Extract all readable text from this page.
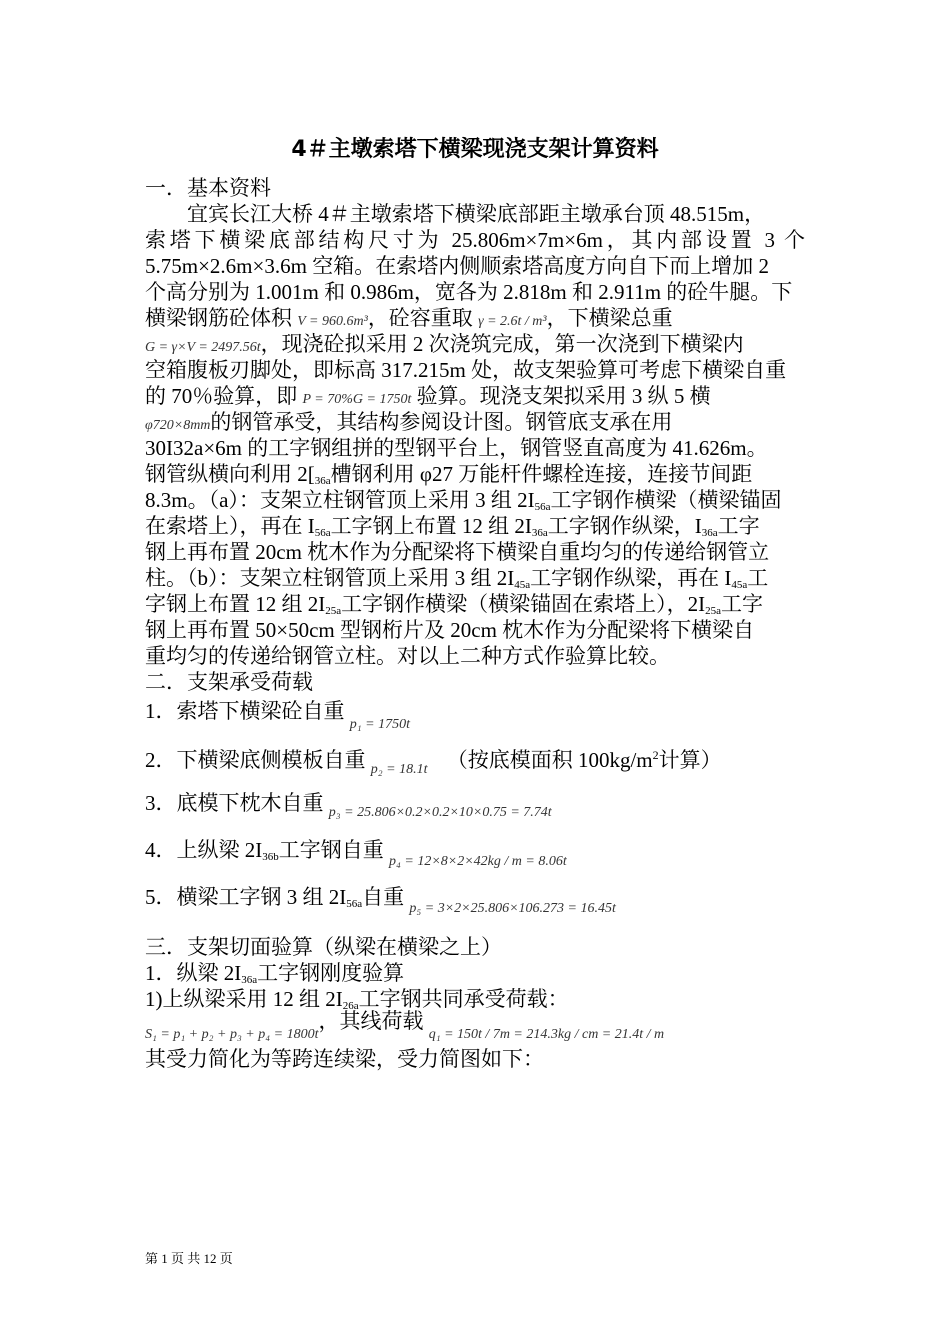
4＃主墩索塔下横梁现浇支架计算资料
一．基本资料
宜宾长江大桥 4＃主墩索塔下横梁底部距主墩承台顶 48.515m，
索塔下横梁底部结构尺寸为 25.806m×7m×6m，其内部设置 3 个
5.75m×2.6m×3.6m 空箱。在索塔内侧顺索塔高度方向自下而上增加 2
个高分别为 1.001m 和 0.986m，宽各为 2.818m 和 2.911m 的砼牛腿。下
横梁钢筋砼体积 V = 960.6m³，砼容重取 γ = 2.6t / m³，下横梁总重
G = γ×V = 2497.56t，现浇砼拟采用 2 次浇筑完成，第一次浇到下横梁内
空箱腹板刃脚处，即标高 317.215m 处，故支架验算可考虑下横梁自重
的 70％验算，即 P = 70%G = 1750t 验算。现浇支架拟采用 3 纵 5 横
φ720×8mm的钢管承受，其结构参阅设计图。钢管底支承在用
30I32a×6m 的工字钢组拼的型钢平台上，钢管竖直高度为 41.626m。
钢管纵横向利用 $2[_{36a}$槽钢利用 φ27 万能杆件螺栓连接，连接节间距
8.3m。（a）：支架立柱钢管顶上采用 3 组 $2I_{56a}$工字钢作横梁（横梁锚固
在索塔上），再在 $I_{56a}$工字钢上布置 12 组 $2I_{36a}$工字钢作纵梁，$I_{36a}$工字
钢上再布置 20cm 枕木作为分配梁将下横梁自重均匀的传递给钢管立
柱。（b）：支架立柱钢管顶上采用 3 组 $2I_{45a}$工字钢作纵梁，再在 $I_{45a}$工
字钢上布置 12 组 $2I_{25a}$工字钢作横梁（横梁锚固在索塔上），$2I_{25a}$工字
钢上再布置 50×50cm 型钢桁片及 20cm 枕木作为分配梁将下横梁自
重均匀的传递给钢管立柱。对以上二种方式作验算比较。
二．支架承受荷载
1．索塔下横梁砼自重 $_{p_1 = 1750t}$
2．下横梁底侧模板自重 $_{p_2 = 18.1t}$ （按底模面积 $100kg/m^2$计算）
3．底模下枕木自重 $_{p_3 = 25.806\times 0.2\times 0.2\times 10\times 0.75 = 7.74t}$
4．上纵梁 $2I_{36b}$工字钢自重 $_{p_4 = 12\times 8\times 2\times 42kg / m = 8.06t}$
5．横梁工字钢 3 组 $2I_{56a}$自重 $_{p_5 = 3\times 2\times 25.806\times 106.273 = 16.45t}$
三．支架切面验算（纵梁在横梁之上）
1．纵梁 $2I_{36a}$工字钢刚度验算
1)上纵梁采用 12 组 $2I_{26a}$工字钢共同承受荷载：
$_{S_1 = p_1 + p_2 + p_3 + p_4 = 1800t}$，其线荷载 $_{q_1 = 150t / 7m = 214.3kg / cm = 21.4t / m}$
其受力简化为等跨连续梁，受力简图如下：
第 1 页 共 12 页
